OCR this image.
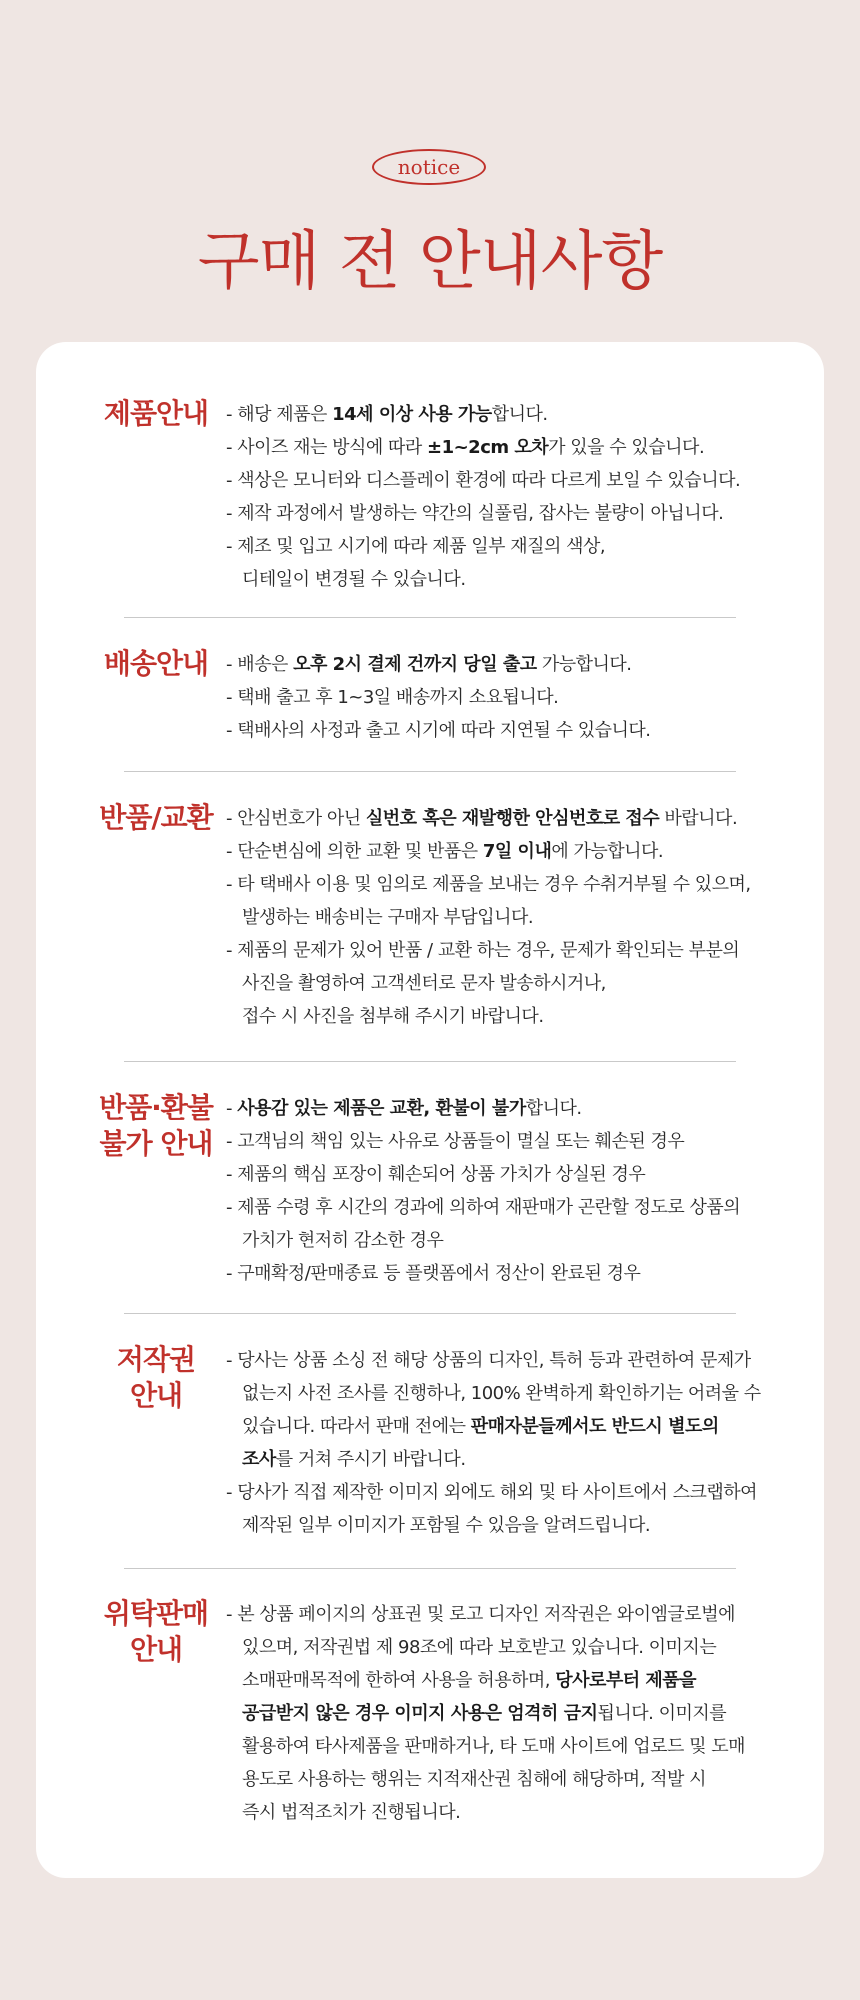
notice
구매 전 안내사항
제품안내 - 해당 제품은 14세 이상 사용 가능합니다.
- 사이즈 재는 방식에 따라 ±1~2cm 오차가 있을 수 있습니다.
- 색상은 모니터와 디스플레이 환경에 따라 다르게 보일 수 있습니다.
- 제작 과정에서 발생하는 약간의 실풀림, 잡사는 불량이 아닙니다.
- 제조 및 입고 시기에 따라 제품 일부 재질의 색상,
디테일이 변경될 수 있습니다.
배송안내 - 배송은 오후 2시 결제 건까지 당일 출고 가능합니다.
- 택배 출고 후 1~3일 배송까지 소요됩니다.
- 택배사의 사정과 출고 시기에 따라 지연될 수 있습니다.
반품/교환 - 안심번호가 아닌 실번호 혹은 재발행한 안심번호로 접수 바랍니다.
- 단순변심에 의한 교환 및 반품은 7일 이내에 가능합니다.
- 타 택배사 이용 및 임의로 제품을 보내는 경우 수취거부될 수 있으며,
발생하는 배송비는 구매자 부담입니다.
- 제품의 문제가 있어 반품 / 교환 하는 경우, 문제가 확인되는 부분의
사진을 촬영하여 고객센터로 문자 발송하시거나,
접수 시 사진을 첨부해 주시기 바랍니다.
반품·환불
불가 안내
- 사용감 있는 제품은 교환, 환불이 불가합니다.
- 고객님의 책임 있는 사유로 상품들이 멸실 또는 훼손된 경우
- 제품의 핵심 포장이 훼손되어 상품 가치가 상실된 경우
- 제품 수령 후 시간의 경과에 의하여 재판매가 곤란할 정도로 상품의
가치가 현저히 감소한 경우
- 구매확정/판매종료 등 플랫폼에서 정산이 완료된 경우
저작권
안내
- 당사는 상품 소싱 전 해당 상품의 디자인, 특허 등과 관련하여 문제가
없는지 사전 조사를 진행하나, 100% 완벽하게 확인하기는 어려울 수
있습니다. 따라서 판매 전에는 판매자분들께서도 반드시 별도의
조사를 거쳐 주시기 바랍니다.
- 당사가 직접 제작한 이미지 외에도 해외 및 타 사이트에서 스크랩하여
제작된 일부 이미지가 포함될 수 있음을 알려드립니다.
위탁판매
안내
- 본 상품 페이지의 상표권 및 로고 디자인 저작권은 와이엠글로벌에
있으며, 저작권법 제 98조에 따라 보호받고 있습니다. 이미지는
소매판매목적에 한하여 사용을 허용하며, 당사로부터 제품을
공급받지 않은 경우 이미지 사용은 엄격히 금지됩니다. 이미지를
활용하여 타사제품을 판매하거나, 타 도매 사이트에 업로드 및 도매
용도로 사용하는 행위는 지적재산권 침해에 해당하며, 적발 시
즉시 법적조치가 진행됩니다.
